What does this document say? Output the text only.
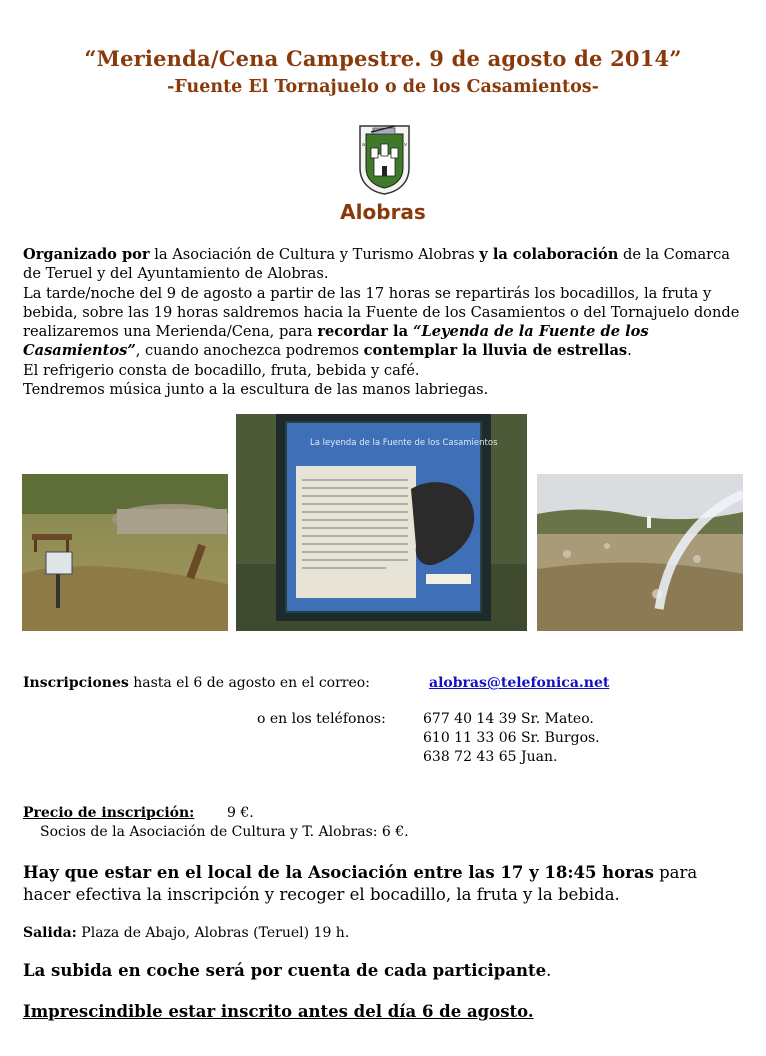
“Merienda/Cena Campestre. 9 de agosto de 2014”
-Fuente El Tornajuelo o de los Casamientos-
a	v
Alobras

Organizado por la Asociación de Cultura y Turismo Alobras y la colaboración de la Comarca de Teruel y del Ayuntamiento de Alobras.

La tarde/noche del 9 de agosto a partir de las 17 horas se repartirás los bocadillos, la fruta y bebida, sobre las 19 horas saldremos hacia la Fuente de los Casamientos o del Tornajuelo donde realizaremos una Merienda/Cena, para recordar la “Leyenda de la Fuente de los Casamientos”, cuando anochezca podremos contemplar la lluvia de estrellas.

El refrigerio consta de bocadillo, fruta, bebida y café.

Tendremos música junto a la escultura de las manos labriegas.

La leyenda de la Fuente de los Casamientos
Inscripciones hasta el 6 de agosto en el correo:	alobras@telefonica.net
o en los teléfonos:	677 40 14 39 Sr. Mateo.
610 11 33 06 Sr. Burgos.
638 72 43 65 Juan.
Precio de inscripción: 9 €.
Socios de la Asociación de Cultura y T. Alobras: 6 €.
Hay que estar en el local de la Asociación entre las 17 y 18:45 horas para hacer efectiva la inscripción y recoger el bocadillo, la fruta y la bebida.
Salida: Plaza de Abajo, Alobras (Teruel) 19 h.
La subida en coche será por cuenta de cada participante.
Imprescindible estar inscrito antes del día 6 de agosto.
